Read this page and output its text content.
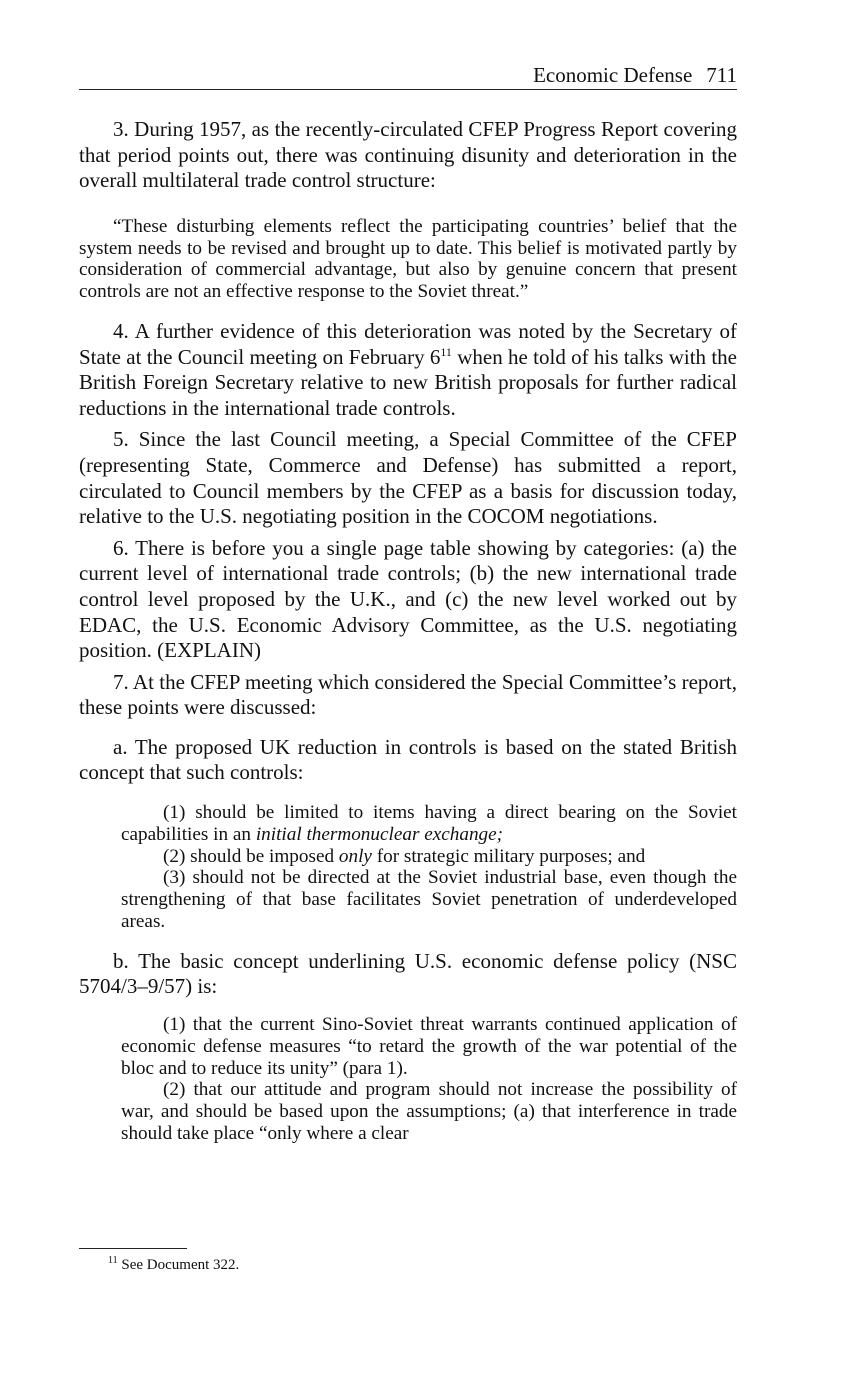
Economic Defense 711

3. During 1957, as the recently-circulated CFEP Progress Report covering that period points out, there was continuing disunity and deterioration in the overall multilateral trade control structure:

“These disturbing elements reflect the participating countries’ belief that the system needs to be revised and brought up to date. This belief is motivated partly by consideration of commercial advantage, but also by genuine concern that present controls are not an effective response to the Soviet threat.”

4. A further evidence of this deterioration was noted by the Secretary of State at the Council meeting on February $6^{11}$ when he told of his talks with the British Foreign Secretary relative to new British proposals for further radical reductions in the international trade controls.

5. Since the last Council meeting, a Special Committee of the CFEP (representing State, Commerce and Defense) has submitted a report, circulated to Council members by the CFEP as a basis for discussion today, relative to the U.S. negotiating position in the COCOM negotiations.

6. There is before you a single page table showing by categories: (a) the current level of international trade controls; (b) the new international trade control level proposed by the U.K., and (c) the new level worked out by EDAC, the U.S. Economic Advisory Committee, as the U.S. negotiating position. (EXPLAIN)

7. At the CFEP meeting which considered the Special Committee’s report, these points were discussed:

a. The proposed UK reduction in controls is based on the stated British concept that such controls:

(1) should be limited to items having a direct bearing on the Soviet capabilities in an initial thermonuclear exchange;

(2) should be imposed only for strategic military purposes; and

(3) should not be directed at the Soviet industrial base, even though the strengthening of that base facilitates Soviet penetration of underdeveloped areas.

b. The basic concept underlining U.S. economic defense policy (NSC 5704/3–9/57) is:

(1) that the current Sino-Soviet threat warrants continued application of economic defense measures “to retard the growth of the war potential of the bloc and to reduce its unity” (para 1).

(2) that our attitude and program should not increase the possibility of war, and should be based upon the assumptions; (a) that interference in trade should take place “only where a clear

$^{11}$ See Document 322.
